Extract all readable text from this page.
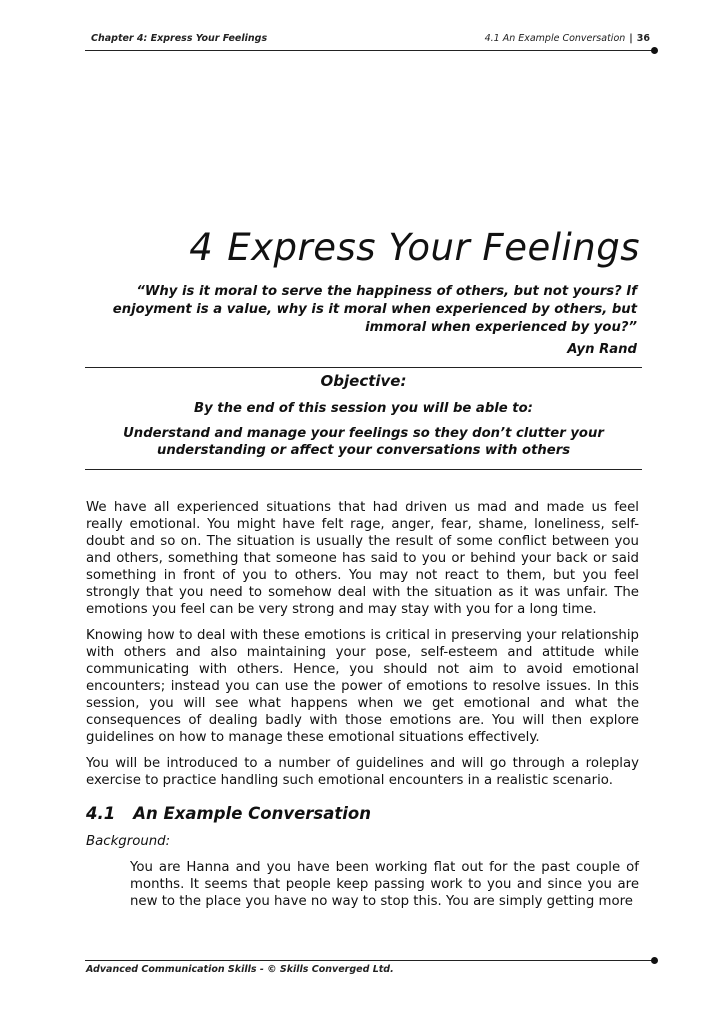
Chapter 4: Express Your Feelings	4.1 An Example Conversation | 36
4 Express Your Feelings
“Why is it moral to serve the happiness of others, but not yours? If enjoyment is a value, why is it moral when experienced by others, but immoral when experienced by you?”
Ayn Rand
Objective:
By the end of this session you will be able to:
Understand and manage your feelings so they don’t clutter your understanding or affect your conversations with others

We have all experienced situations that had driven us mad and made us feel really emotional. You might have felt rage, anger, fear, shame, loneliness, self-doubt and so on. The situation is usually the result of some conflict between you and others, something that someone has said to you or behind your back or said something in front of you to others. You may not react to them, but you feel strongly that you need to somehow deal with the situation as it was unfair. The emotions you feel can be very strong and may stay with you for a long time.

Knowing how to deal with these emotions is critical in preserving your relationship with others and also maintaining your pose, self-esteem and attitude while communicating with others. Hence, you should not aim to avoid emotional encounters; instead you can use the power of emotions to resolve issues. In this session, you will see what happens when we get emotional and what the consequences of dealing badly with those emotions are. You will then explore guidelines on how to manage these emotional situations effectively.

You will be introduced to a number of guidelines and will go through a roleplay exercise to practice handling such emotional encounters in a realistic scenario.

4.1 An Example Conversation
Background:

You are Hanna and you have been working flat out for the past couple of months. It seems that people keep passing work to you and since you are new to the place you have no way to stop this. You are simply getting more

Advanced Communication Skills - © Skills Converged Ltd.
